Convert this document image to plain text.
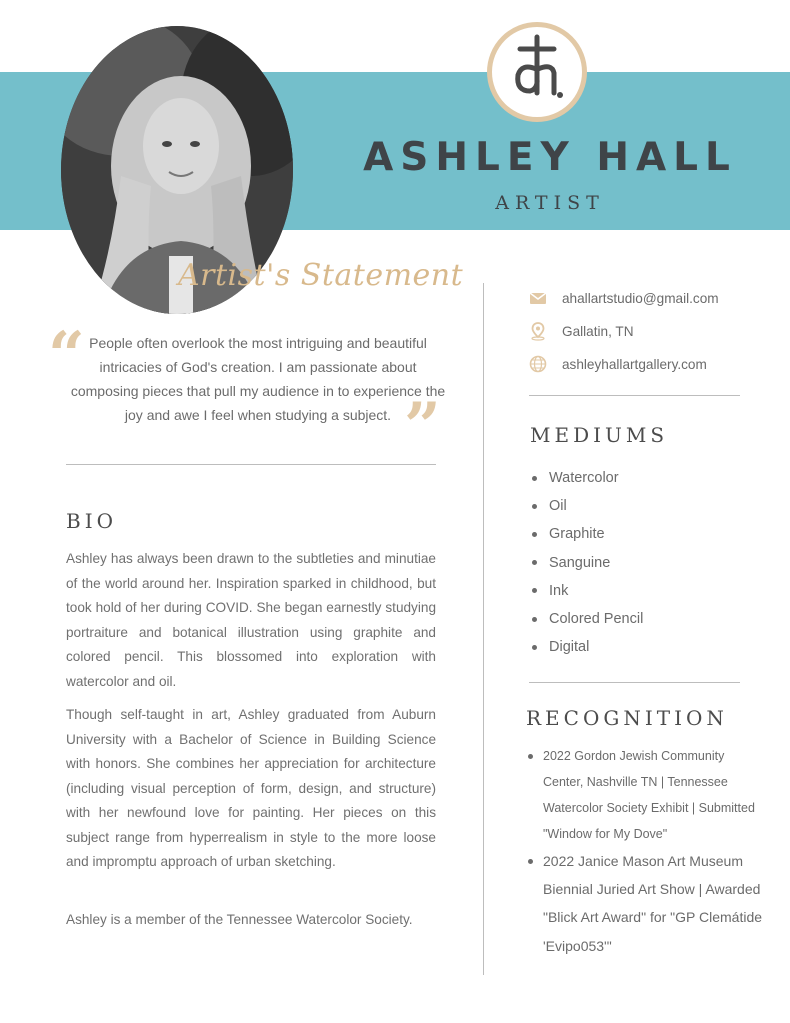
ASHLEY HALL
ARTIST
Artist's Statement
“ People often overlook the most intriguing and beautiful intricacies of God's creation. I am passionate about composing pieces that pull my audience in to experience the joy and awe I feel when studying a subject. ”
BIO

Ashley has always been drawn to the subtleties and minutiae of the world around her. Inspiration sparked in childhood, but took hold of her during COVID. She began earnestly studying portraiture and botanical illustration using graphite and colored pencil. This blossomed into exploration with watercolor and oil.

Though self-taught in art, Ashley graduated from Auburn University with a Bachelor of Science in Building Science with honors. She combines her appreciation for architecture (including visual perception of form, design, and structure) with her newfound love for painting. Her pieces on this subject range from hyperrealism in style to the more loose and impromptu approach of urban sketching.

Ashley is a member of the Tennessee Watercolor Society.

ahallartstudio@gmail.com
Gallatin, TN
ashleyhallartgallery.com
MEDIUMS
Watercolor
Oil
Graphite
Sanguine
Ink
Colored Pencil
Digital
RECOGNITION
2022 Gordon Jewish Community Center, Nashville TN | Tennessee Watercolor Society Exhibit | Submitted "Window for My Dove"
2022 Janice Mason Art Museum Biennial Juried Art Show | Awarded "Blick Art Award" for "GP Clemátide 'Evipo053'"
